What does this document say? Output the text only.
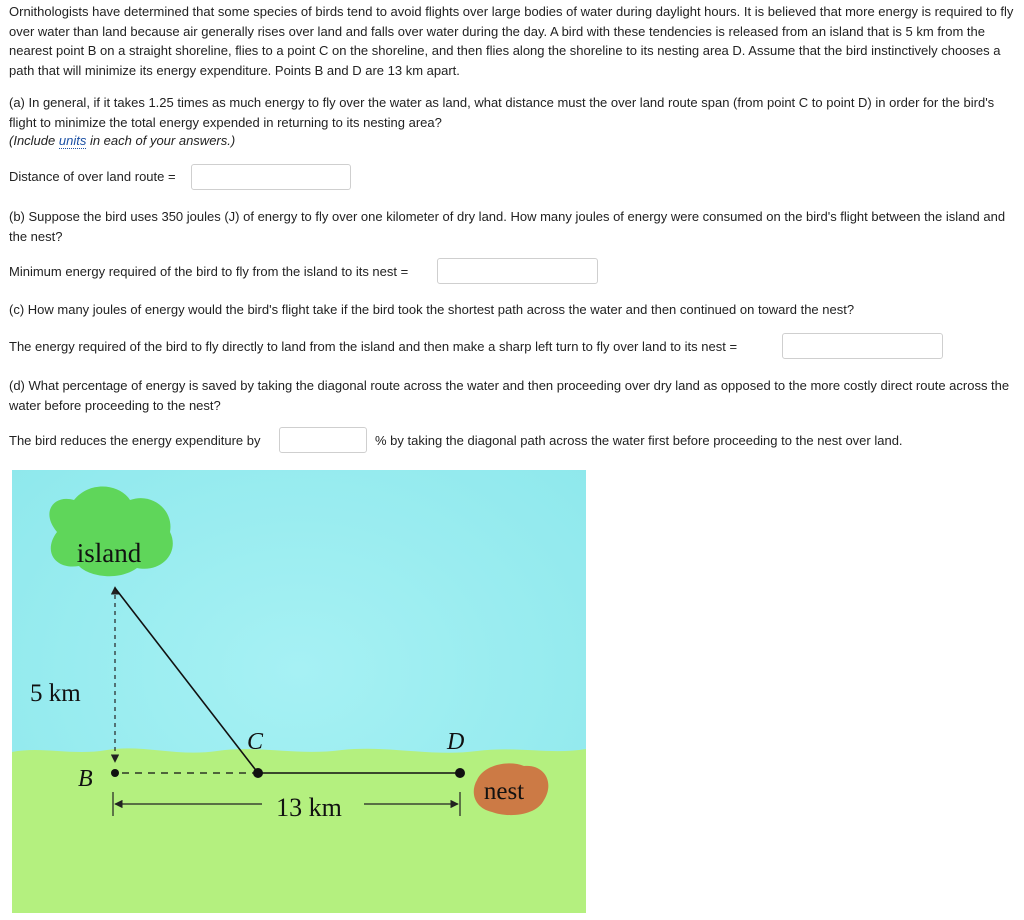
Ornithologists have determined that some species of birds tend to avoid flights over large bodies of water during daylight hours. It is believed that more energy is required to fly over water than land because air generally rises over land and falls over water during the day. A bird with these tendencies is released from an island that is 5 km from the nearest point B on a straight shoreline, flies to a point C on the shoreline, and then flies along the shoreline to its nesting area D. Assume that the bird instinctively chooses a path that will minimize its energy expenditure. Points B and D are 13 km apart.

(a) In general, if it takes 1.25 times as much energy to fly over the water as land, what distance must the over land route span (from point C to point D) in order for the bird's flight to minimize the total energy expended in returning to its nesting area?

(Include units in each of your answers.)
Distance of over land route =

(b) Suppose the bird uses 350 joules (J) of energy to fly over one kilometer of dry land. How many joules of energy were consumed on the bird's flight between the island and the nest?

Minimum energy required of the bird to fly from the island to its nest =

(c) How many joules of energy would the bird's flight take if the bird took the shortest path across the water and then continued on toward the nest?

The energy required of the bird to fly directly to land from the island and then make a sharp left turn to fly over land to its nest =

(d) What percentage of energy is saved by taking the diagonal route across the water and then proceeding over dry land as opposed to the more costly direct route across the water before proceeding to the nest?

The bird reduces the energy expenditure by	% by taking the diagonal path across the water first before proceeding to the nest over land.
island
5 km
B
C	D
nest
13 km
